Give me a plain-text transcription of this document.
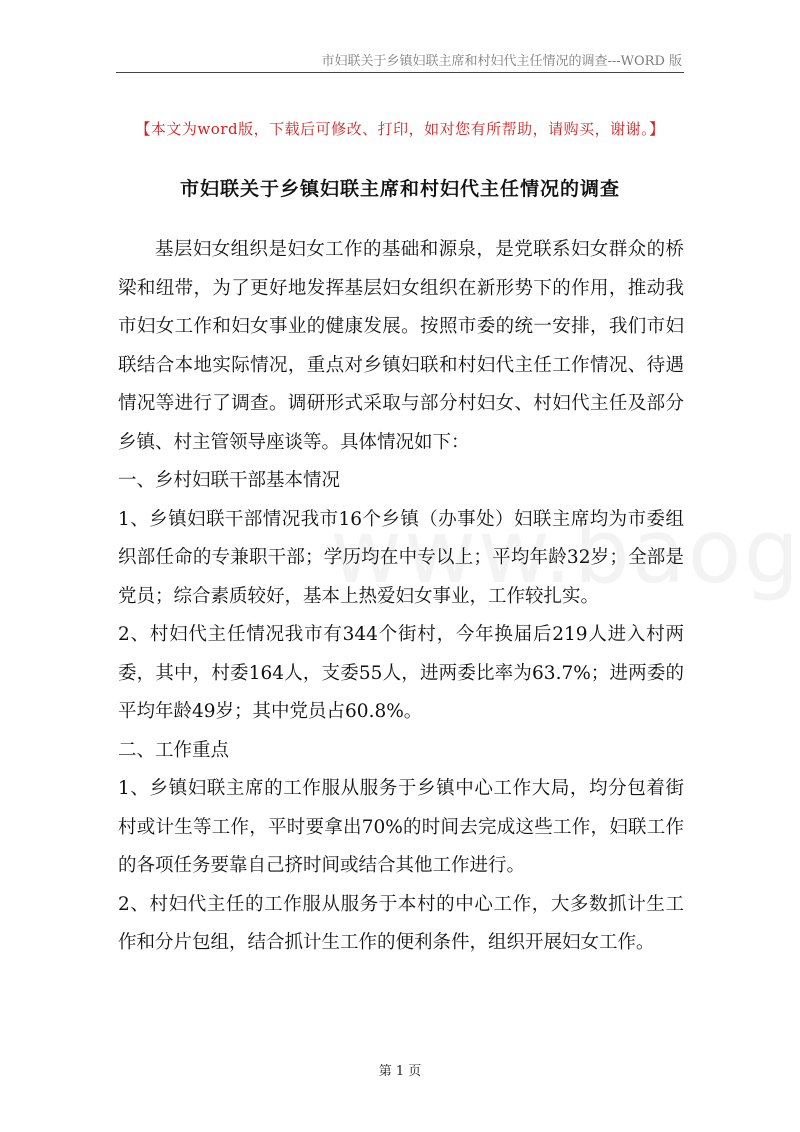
市妇联关于乡镇妇联主席和村妇代主任情况的调查---WORD 版
【本文为word版，下载后可修改、打印，如对您有所帮助，请购买，谢谢。】
市妇联关于乡镇妇联主席和村妇代主任情况的调查

基层妇女组织是妇女工作的基础和源泉，是党联系妇女群众的桥梁和纽带，为了更好地发挥基层妇女组织在新形势下的作用，推动我市妇女工作和妇女事业的健康发展。按照市委的统一安排，我们市妇联结合本地实际情况，重点对乡镇妇联和村妇代主任工作情况、待遇情况等进行了调查。调研形式采取与部分村妇女、村妇代主任及部分乡镇、村主管领导座谈等。具体情况如下：

一、乡村妇联干部基本情况

1、乡镇妇联干部情况我市16个乡镇（办事处）妇联主席均为市委组织部任命的专兼职干部；学历均在中专以上；平均年龄32岁；全部是党员；综合素质较好，基本上热爱妇女事业，工作较扎实。

2、村妇代主任情况我市有344个街村，今年换届后219人进入村两委，其中，村委164人，支委55人，进两委比率为63.7%；进两委的平均年龄49岁；其中党员占60.8%。

二、工作重点

1、乡镇妇联主席的工作服从服务于乡镇中心工作大局，均分包着街村或计生等工作，平时要拿出70%的时间去完成这些工作，妇联工作的各项任务要靠自己挤时间或结合其他工作进行。

2、村妇代主任的工作服从服务于本村的中心工作，大多数抓计生工作和分片包组，结合抓计生工作的便利条件，组织开展妇女工作。

第 1 页
